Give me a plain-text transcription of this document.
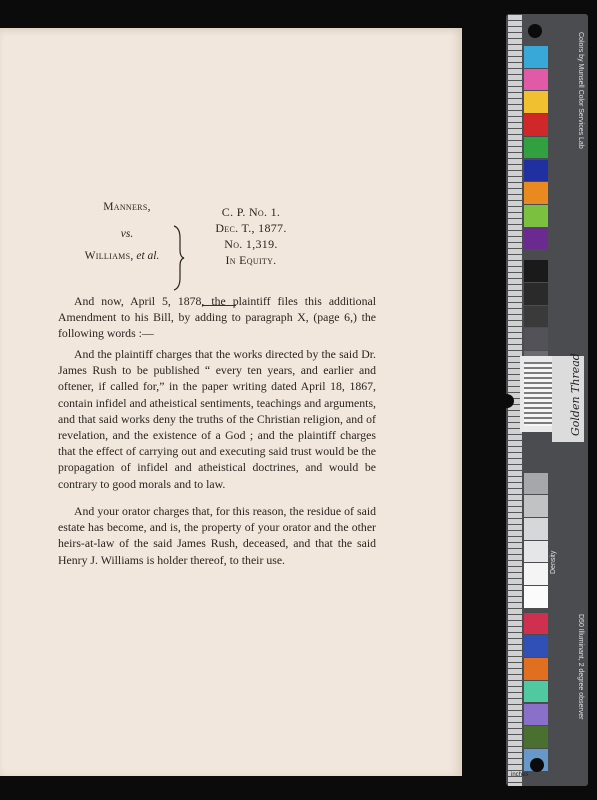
Manners,
vs.
Williams, et al.
C. P. No. 1.
Dec. T., 1877.
No. 1,319.
In Equity.

And now, April 5, 1878, the plaintiff files this additional Amendment to his Bill, by adding to paragraph X, (page 6,) the following words :—

And the plaintiff charges that the works directed by the said Dr. James Rush to be published “ every ten years, and earlier and oftener, if called for,” in the paper writing dated April 18, 1867, contain infidel and atheistical sentiments, teachings and arguments, and that said works deny the truths of the Christian religion, and of revelation, and the existence of a God ; and the plaintiff charges that the effect of carrying out and executing said trust would be the propagation of infidel and atheistical doctrines, and would be contrary to good morals and to law.

And your orator charges that, for this reason, the residue of said estate has become, and is, the property of your orator and the other heirs-at-law of the said James Rush, deceased, and that the said Henry J. Williams is holder thereof, to their use.

inches
Colors by Munsell Color Services Lab
D50 Illuminant, 2 degree observer
Density
Golden Thread
